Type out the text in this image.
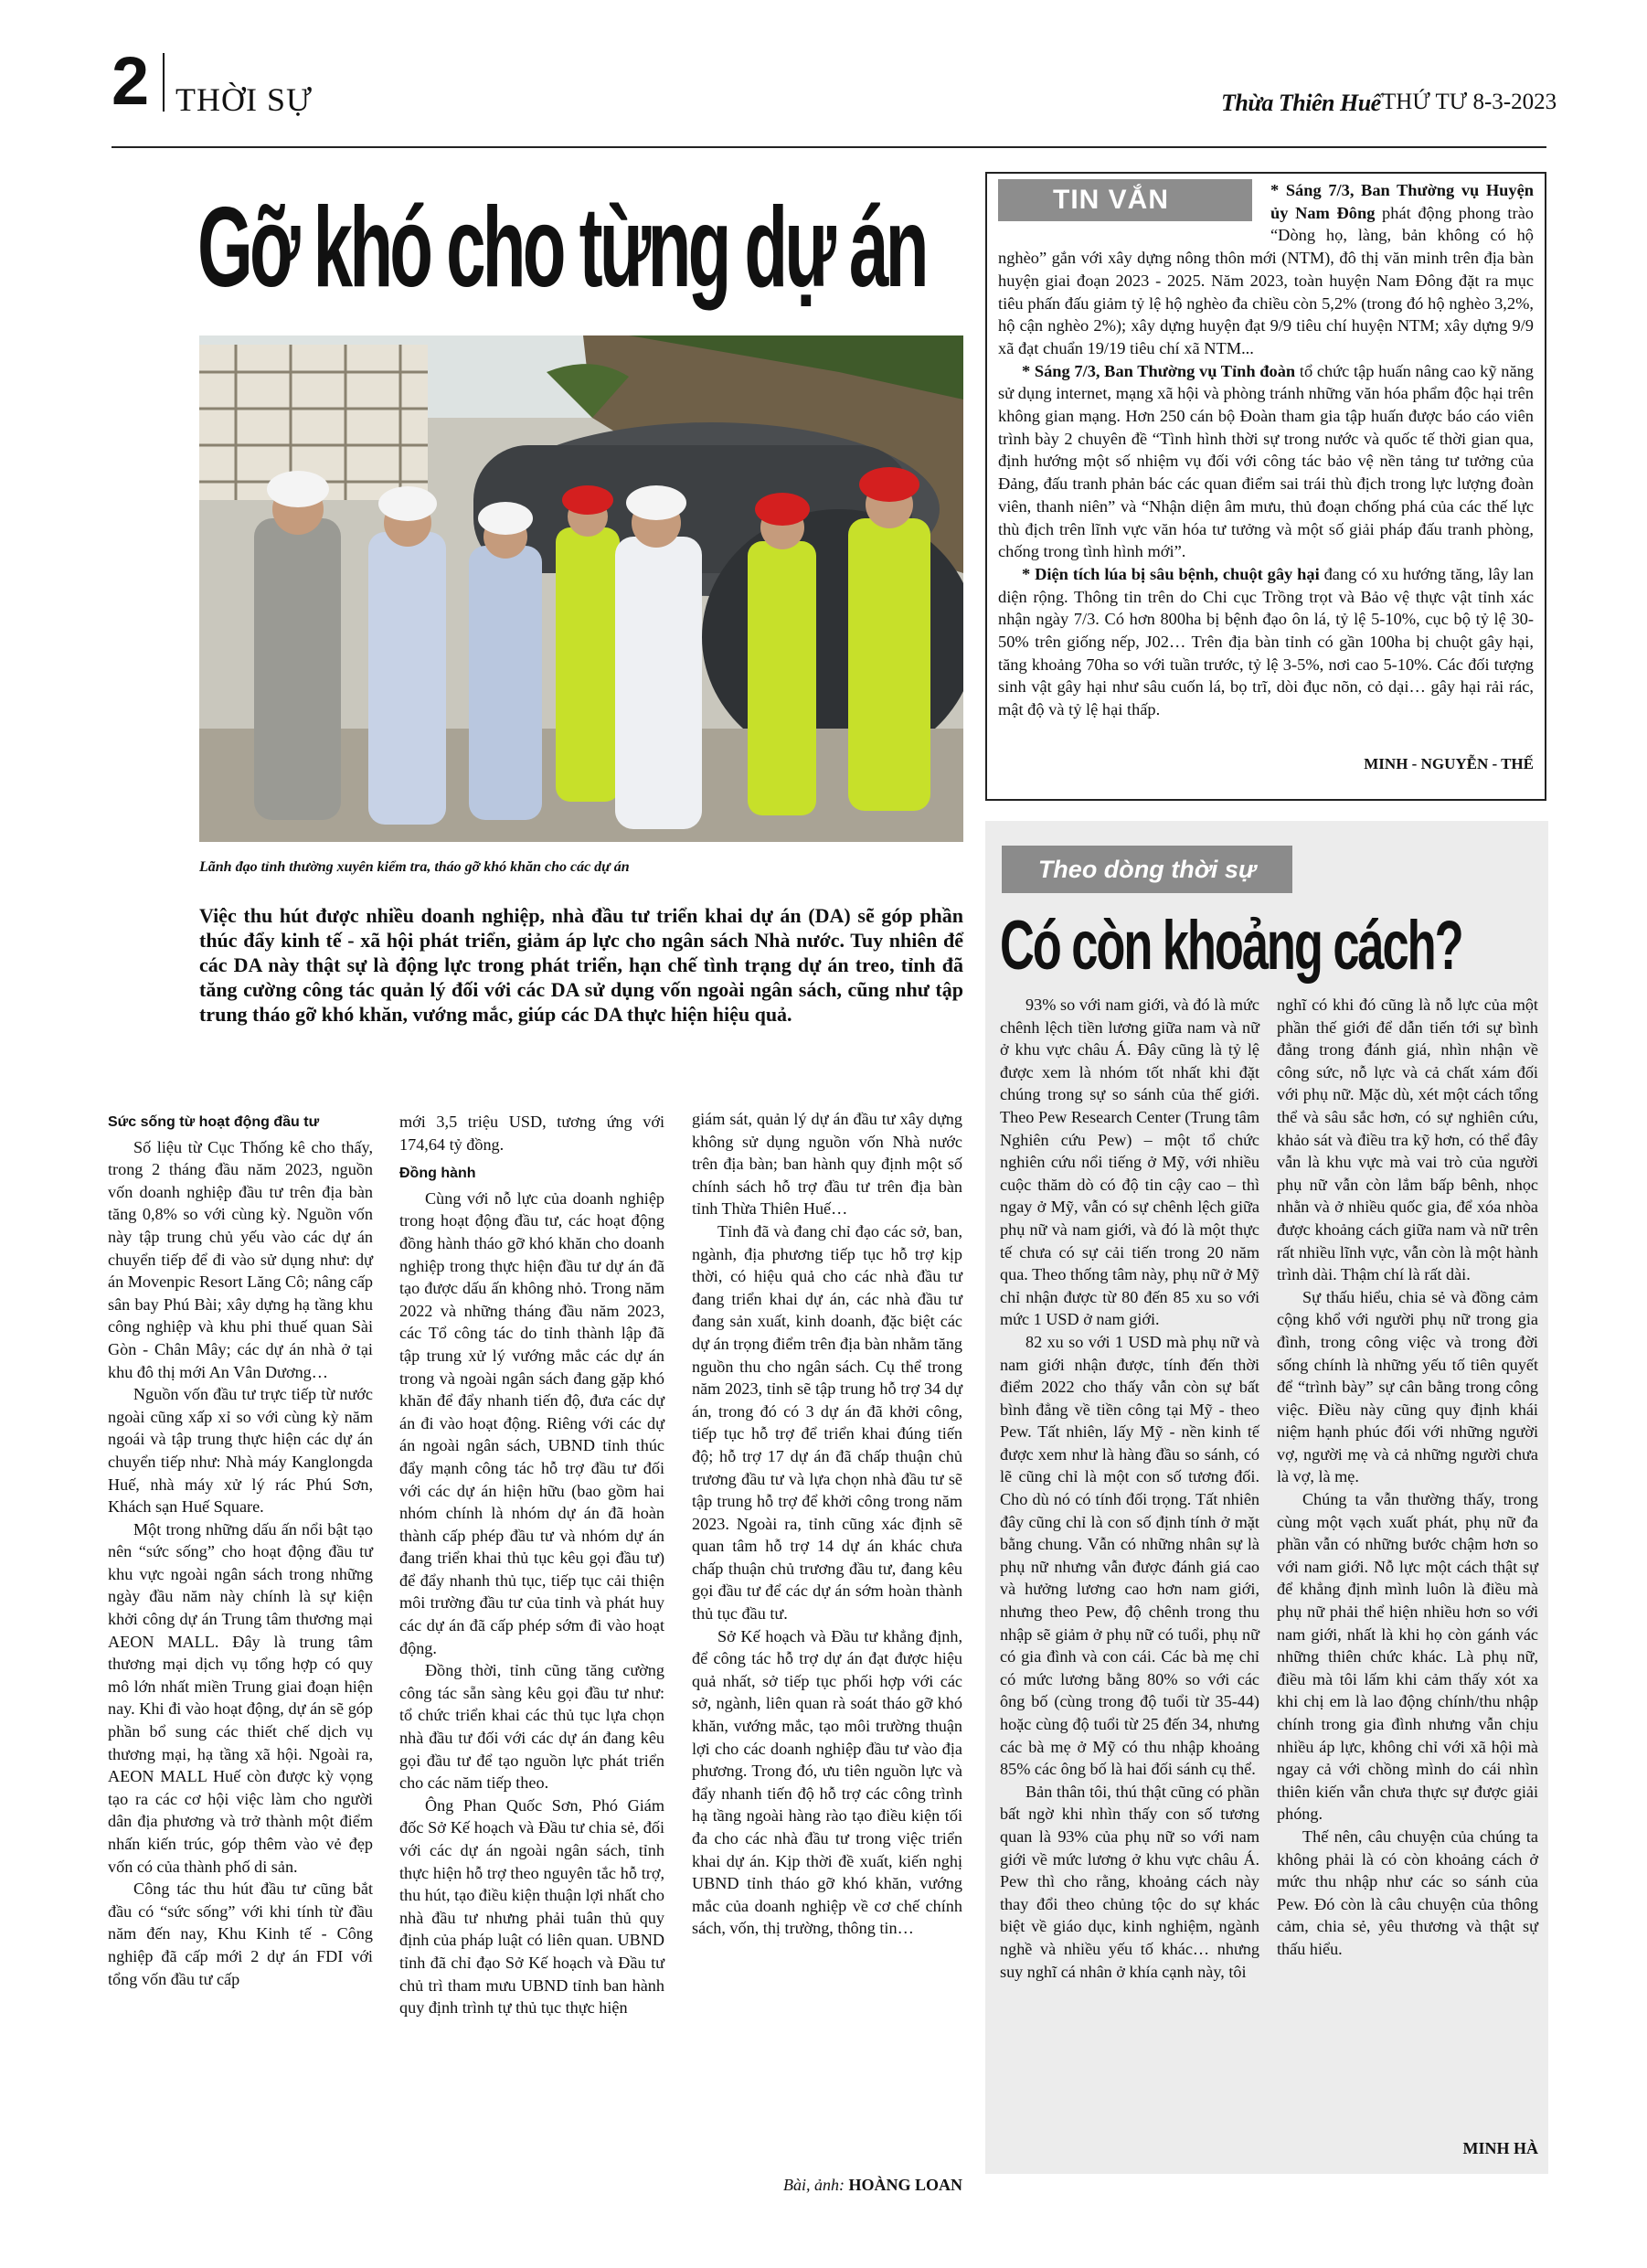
2 THỜI SỰ	Thừa Thiên Huế THỨ TƯ 8-3-2023
Gỡ khó cho từng dự án
Lãnh đạo tỉnh thường xuyên kiểm tra, tháo gỡ khó khăn cho các dự án
Việc thu hút được nhiều doanh nghiệp, nhà đầu tư triển khai dự án (DA) sẽ góp phần thúc đẩy kinh tế - xã hội phát triển, giảm áp lực cho ngân sách Nhà nước. Tuy nhiên để các DA này thật sự là động lực trong phát triển, hạn chế tình trạng dự án treo, tỉnh đã tăng cường công tác quản lý đối với các DA sử dụng vốn ngoài ngân sách, cũng như tập trung tháo gỡ khó khăn, vướng mắc, giúp các DA thực hiện hiệu quả.
Sức sống từ hoạt động đầu tư

Số liệu từ Cục Thống kê cho thấy, trong 2 tháng đầu năm 2023, nguồn vốn doanh nghiệp đầu tư trên địa bàn tăng 0,8% so với cùng kỳ. Nguồn vốn này tập trung chủ yếu vào các dự án chuyển tiếp để đi vào sử dụng như: dự án Movenpic Resort Lăng Cô; nâng cấp sân bay Phú Bài; xây dựng hạ tầng khu công nghiệp và khu phi thuế quan Sài Gòn - Chân Mây; các dự án nhà ở tại khu đô thị mới An Vân Dương…

Nguồn vốn đầu tư trực tiếp từ nước ngoài cũng xấp xỉ so với cùng kỳ năm ngoái và tập trung thực hiện các dự án chuyển tiếp như: Nhà máy Kanglongda Huế, nhà máy xử lý rác Phú Sơn, Khách sạn Huế Square.

Một trong những dấu ấn nổi bật tạo nên “sức sống” cho hoạt động đầu tư khu vực ngoài ngân sách trong những ngày đầu năm này chính là sự kiện khởi công dự án Trung tâm thương mại AEON MALL. Đây là trung tâm thương mại dịch vụ tổng hợp có quy mô lớn nhất miền Trung giai đoạn hiện nay. Khi đi vào hoạt động, dự án sẽ góp phần bổ sung các thiết chế dịch vụ thương mại, hạ tầng xã hội. Ngoài ra, AEON MALL Huế còn được kỳ vọng tạo ra các cơ hội việc làm cho người dân địa phương và trở thành một điểm nhấn kiến trúc, góp thêm vào vẻ đẹp vốn có của thành phố di sản.

Công tác thu hút đầu tư cũng bắt đầu có “sức sống” với khi tính từ đầu năm đến nay, Khu Kinh tế - Công nghiệp đã cấp mới 2 dự án FDI với tổng vốn đầu tư cấp

mới 3,5 triệu USD, tương ứng với 174,64 tỷ đồng.

Đồng hành

Cùng với nỗ lực của doanh nghiệp trong hoạt động đầu tư, các hoạt động đồng hành tháo gỡ khó khăn cho doanh nghiệp trong thực hiện đầu tư dự án đã tạo được dấu ấn không nhỏ. Trong năm 2022 và những tháng đầu năm 2023, các Tổ công tác do tỉnh thành lập đã tập trung xử lý vướng mắc các dự án trong và ngoài ngân sách đang gặp khó khăn để đẩy nhanh tiến độ, đưa các dự án đi vào hoạt động. Riêng với các dự án ngoài ngân sách, UBND tỉnh thúc đẩy mạnh công tác hỗ trợ đầu tư đối với các dự án hiện hữu (bao gồm hai nhóm chính là nhóm dự án đã hoàn thành cấp phép đầu tư và nhóm dự án đang triển khai thủ tục kêu gọi đầu tư) để đẩy nhanh thủ tục, tiếp tục cải thiện môi trường đầu tư của tỉnh và phát huy các dự án đã cấp phép sớm đi vào hoạt động.

Đồng thời, tỉnh cũng tăng cường công tác sẵn sàng kêu gọi đầu tư như: tổ chức triển khai các thủ tục lựa chọn nhà đầu tư đối với các dự án đang kêu gọi đầu tư để tạo nguồn lực phát triển cho các năm tiếp theo.

Ông Phan Quốc Sơn, Phó Giám đốc Sở Kế hoạch và Đầu tư chia sẻ, đối với các dự án ngoài ngân sách, tỉnh thực hiện hỗ trợ theo nguyên tắc hỗ trợ, thu hút, tạo điều kiện thuận lợi nhất cho nhà đầu tư nhưng phải tuân thủ quy định của pháp luật có liên quan. UBND tỉnh đã chỉ đạo Sở Kế hoạch và Đầu tư chủ trì tham mưu UBND tỉnh ban hành quy định trình tự thủ tục thực hiện

giám sát, quản lý dự án đầu tư xây dựng không sử dụng nguồn vốn Nhà nước trên địa bàn; ban hành quy định một số chính sách hỗ trợ đầu tư trên địa bàn tỉnh Thừa Thiên Huế…

Tỉnh đã và đang chỉ đạo các sở, ban, ngành, địa phương tiếp tục hỗ trợ kịp thời, có hiệu quả cho các nhà đầu tư đang triển khai dự án, các nhà đầu tư đang sản xuất, kinh doanh, đặc biệt các dự án trọng điểm trên địa bàn nhằm tăng nguồn thu cho ngân sách. Cụ thể trong năm 2023, tỉnh sẽ tập trung hỗ trợ 34 dự án, trong đó có 3 dự án đã khởi công, tiếp tục hỗ trợ để triển khai đúng tiến độ; hỗ trợ 17 dự án đã chấp thuận chủ trương đầu tư và lựa chọn nhà đầu tư sẽ tập trung hỗ trợ để khởi công trong năm 2023. Ngoài ra, tỉnh cũng xác định sẽ quan tâm hỗ trợ 14 dự án khác chưa chấp thuận chủ trương đầu tư, đang kêu gọi đầu tư để các dự án sớm hoàn thành thủ tục đầu tư.

Sở Kế hoạch và Đầu tư khẳng định, để công tác hỗ trợ dự án đạt được hiệu quả nhất, sở tiếp tục phối hợp với các sở, ngành, liên quan rà soát tháo gỡ khó khăn, vướng mắc, tạo môi trường thuận lợi cho các doanh nghiệp đầu tư vào địa phương. Trong đó, ưu tiên nguồn lực và đẩy nhanh tiến độ hỗ trợ các công trình hạ tầng ngoài hàng rào tạo điều kiện tối đa cho các nhà đầu tư trong việc triển khai dự án. Kịp thời đề xuất, kiến nghị UBND tỉnh tháo gỡ khó khăn, vướng mắc của doanh nghiệp về cơ chế chính sách, vốn, thị trường, thông tin…

Bài, ảnh: HOÀNG LOAN
TIN VẮN	* Sáng 7/3, Ban Thường vụ Huyện ủy Nam Đông phát động phong trào “Dòng họ, làng, bản không có hộ nghèo” gắn với xây dựng nông thôn mới (NTM), đô thị văn minh trên địa bàn huyện giai đoạn 2023 - 2025. Năm 2023, toàn huyện Nam Đông đặt ra mục tiêu phấn đấu giảm tỷ lệ hộ nghèo đa chiều còn 5,2% (trong đó hộ nghèo 3,2%, hộ cận nghèo 2%); xây dựng huyện đạt 9/9 tiêu chí huyện NTM; xây dựng 9/9 xã đạt chuẩn 19/19 tiêu chí xã NTM...

* Sáng 7/3, Ban Thường vụ Tỉnh đoàn tổ chức tập huấn nâng cao kỹ năng sử dụng internet, mạng xã hội và phòng tránh những văn hóa phẩm độc hại trên không gian mạng. Hơn 250 cán bộ Đoàn tham gia tập huấn được báo cáo viên trình bày 2 chuyên đề “Tình hình thời sự trong nước và quốc tế thời gian qua, định hướng một số nhiệm vụ đối với công tác bảo vệ nền tảng tư tưởng của Đảng, đấu tranh phản bác các quan điểm sai trái thù địch trong lực lượng đoàn viên, thanh niên” và “Nhận diện âm mưu, thủ đoạn chống phá của các thế lực thù địch trên lĩnh vực văn hóa tư tưởng và một số giải pháp đấu tranh phòng, chống trong tình hình mới”.

* Diện tích lúa bị sâu bệnh, chuột gây hại đang có xu hướng tăng, lây lan diện rộng. Thông tin trên do Chi cục Trồng trọt và Bảo vệ thực vật tỉnh xác nhận ngày 7/3. Có hơn 800ha bị bệnh đạo ôn lá, tỷ lệ 5-10%, cục bộ tỷ lệ 30-50% trên giống nếp, J02… Trên địa bàn tỉnh có gần 100ha bị chuột gây hại, tăng khoảng 70ha so với tuần trước, tỷ lệ 3-5%, nơi cao 5-10%. Các đối tượng sinh vật gây hại như sâu cuốn lá, bọ trĩ, dòi đục nõn, cỏ dại… gây hại rải rác, mật độ và tỷ lệ hại thấp.

MINH - NGUYỄN - THẾ
Theo dòng thời sự
Có còn khoảng cách?

93% so với nam giới, và đó là mức chênh lệch tiền lương giữa nam và nữ ở khu vực châu Á. Đây cũng là tỷ lệ được xem là nhóm tốt nhất khi đặt chúng trong sự so sánh của thế giới. Theo Pew Research Center (Trung tâm Nghiên cứu Pew) – một tổ chức nghiên cứu nổi tiếng ở Mỹ, với nhiều cuộc thăm dò có độ tin cậy cao – thì ngay ở Mỹ, vẫn có sự chênh lệch giữa phụ nữ và nam giới, và đó là một thực tế chưa có sự cải tiến trong 20 năm qua. Theo thống tâm này, phụ nữ ở Mỹ chỉ nhận được từ 80 đến 85 xu so với mức 1 USD ở nam giới.

82 xu so với 1 USD mà phụ nữ và nam giới nhận được, tính đến thời điểm 2022 cho thấy vẫn còn sự bất bình đẳng về tiền công tại Mỹ - theo Pew. Tất nhiên, lấy Mỹ - nền kinh tế được xem như là hàng đầu so sánh, có lẽ cũng chỉ là một con số tương đối. Cho dù nó có tính đối trọng. Tất nhiên đây cũng chỉ là con số định tính ở mặt bằng chung. Vẫn có những nhân sự là phụ nữ nhưng vẫn được đánh giá cao và hưởng lương cao hơn nam giới, nhưng theo Pew, độ chênh trong thu nhập sẽ giảm ở phụ nữ có tuổi, phụ nữ có gia đình và con cái. Các bà mẹ chỉ có mức lương bằng 80% so với các ông bố (cùng trong độ tuổi từ 35-44) hoặc cùng độ tuổi từ 25 đến 34, nhưng các bà mẹ ở Mỹ có thu nhập khoảng 85% các ông bố là hai đối sánh cụ thể.

Bản thân tôi, thú thật cũng có phần bất ngờ khi nhìn thấy con số tương quan là 93% của phụ nữ so với nam giới về mức lương ở khu vực châu Á. Pew thì cho rằng, khoảng cách này thay đổi theo chủng tộc do sự khác biệt về giáo dục, kinh nghiệm, ngành nghề và nhiều yếu tố khác… nhưng suy nghĩ cá nhân ở khía cạnh này, tôi

nghĩ có khi đó cũng là nỗ lực của một phần thế giới để dẫn tiến tới sự bình đẳng trong đánh giá, nhìn nhận về công sức, nỗ lực và cả chất xám đối với phụ nữ. Mặc dù, xét một cách tổng thể và sâu sắc hơn, có sự nghiên cứu, khảo sát và điều tra kỹ hơn, có thể đây vẫn là khu vực mà vai trò của người phụ nữ vẫn còn lắm bấp bênh, nhọc nhằn và ở nhiều quốc gia, để xóa nhòa được khoảng cách giữa nam và nữ trên rất nhiều lĩnh vực, vẫn còn là một hành trình dài. Thậm chí là rất dài.

Sự thấu hiểu, chia sẻ và đồng cảm cộng khổ với người phụ nữ trong gia đình, trong công việc và trong đời sống chính là những yếu tố tiên quyết để “trình bày” sự cân bằng trong công việc. Điều này cũng quy định khái niệm hạnh phúc đối với những người vợ, người mẹ và cả những người chưa là vợ, là mẹ.

Chúng ta vẫn thường thấy, trong cùng một vạch xuất phát, phụ nữ đa phần vẫn có những bước chậm hơn so với nam giới. Nỗ lực một cách thật sự để khẳng định mình luôn là điều mà phụ nữ phải thể hiện nhiều hơn so với nam giới, nhất là khi họ còn gánh vác những thiên chức khác. Là phụ nữ, điều mà tôi lấm khi cảm thấy xót xa khi chị em là lao động chính/thu nhập chính trong gia đình nhưng vẫn chịu nhiều áp lực, không chỉ với xã hội mà ngay cả với chồng mình do cái nhìn thiên kiến vẫn chưa thực sự được giải phóng.

Thế nên, câu chuyện của chúng ta không phải là có còn khoảng cách ở mức thu nhập như các so sánh của Pew. Đó còn là câu chuyện của thông cảm, chia sẻ, yêu thương và thật sự thấu hiểu.

MINH HÀ
